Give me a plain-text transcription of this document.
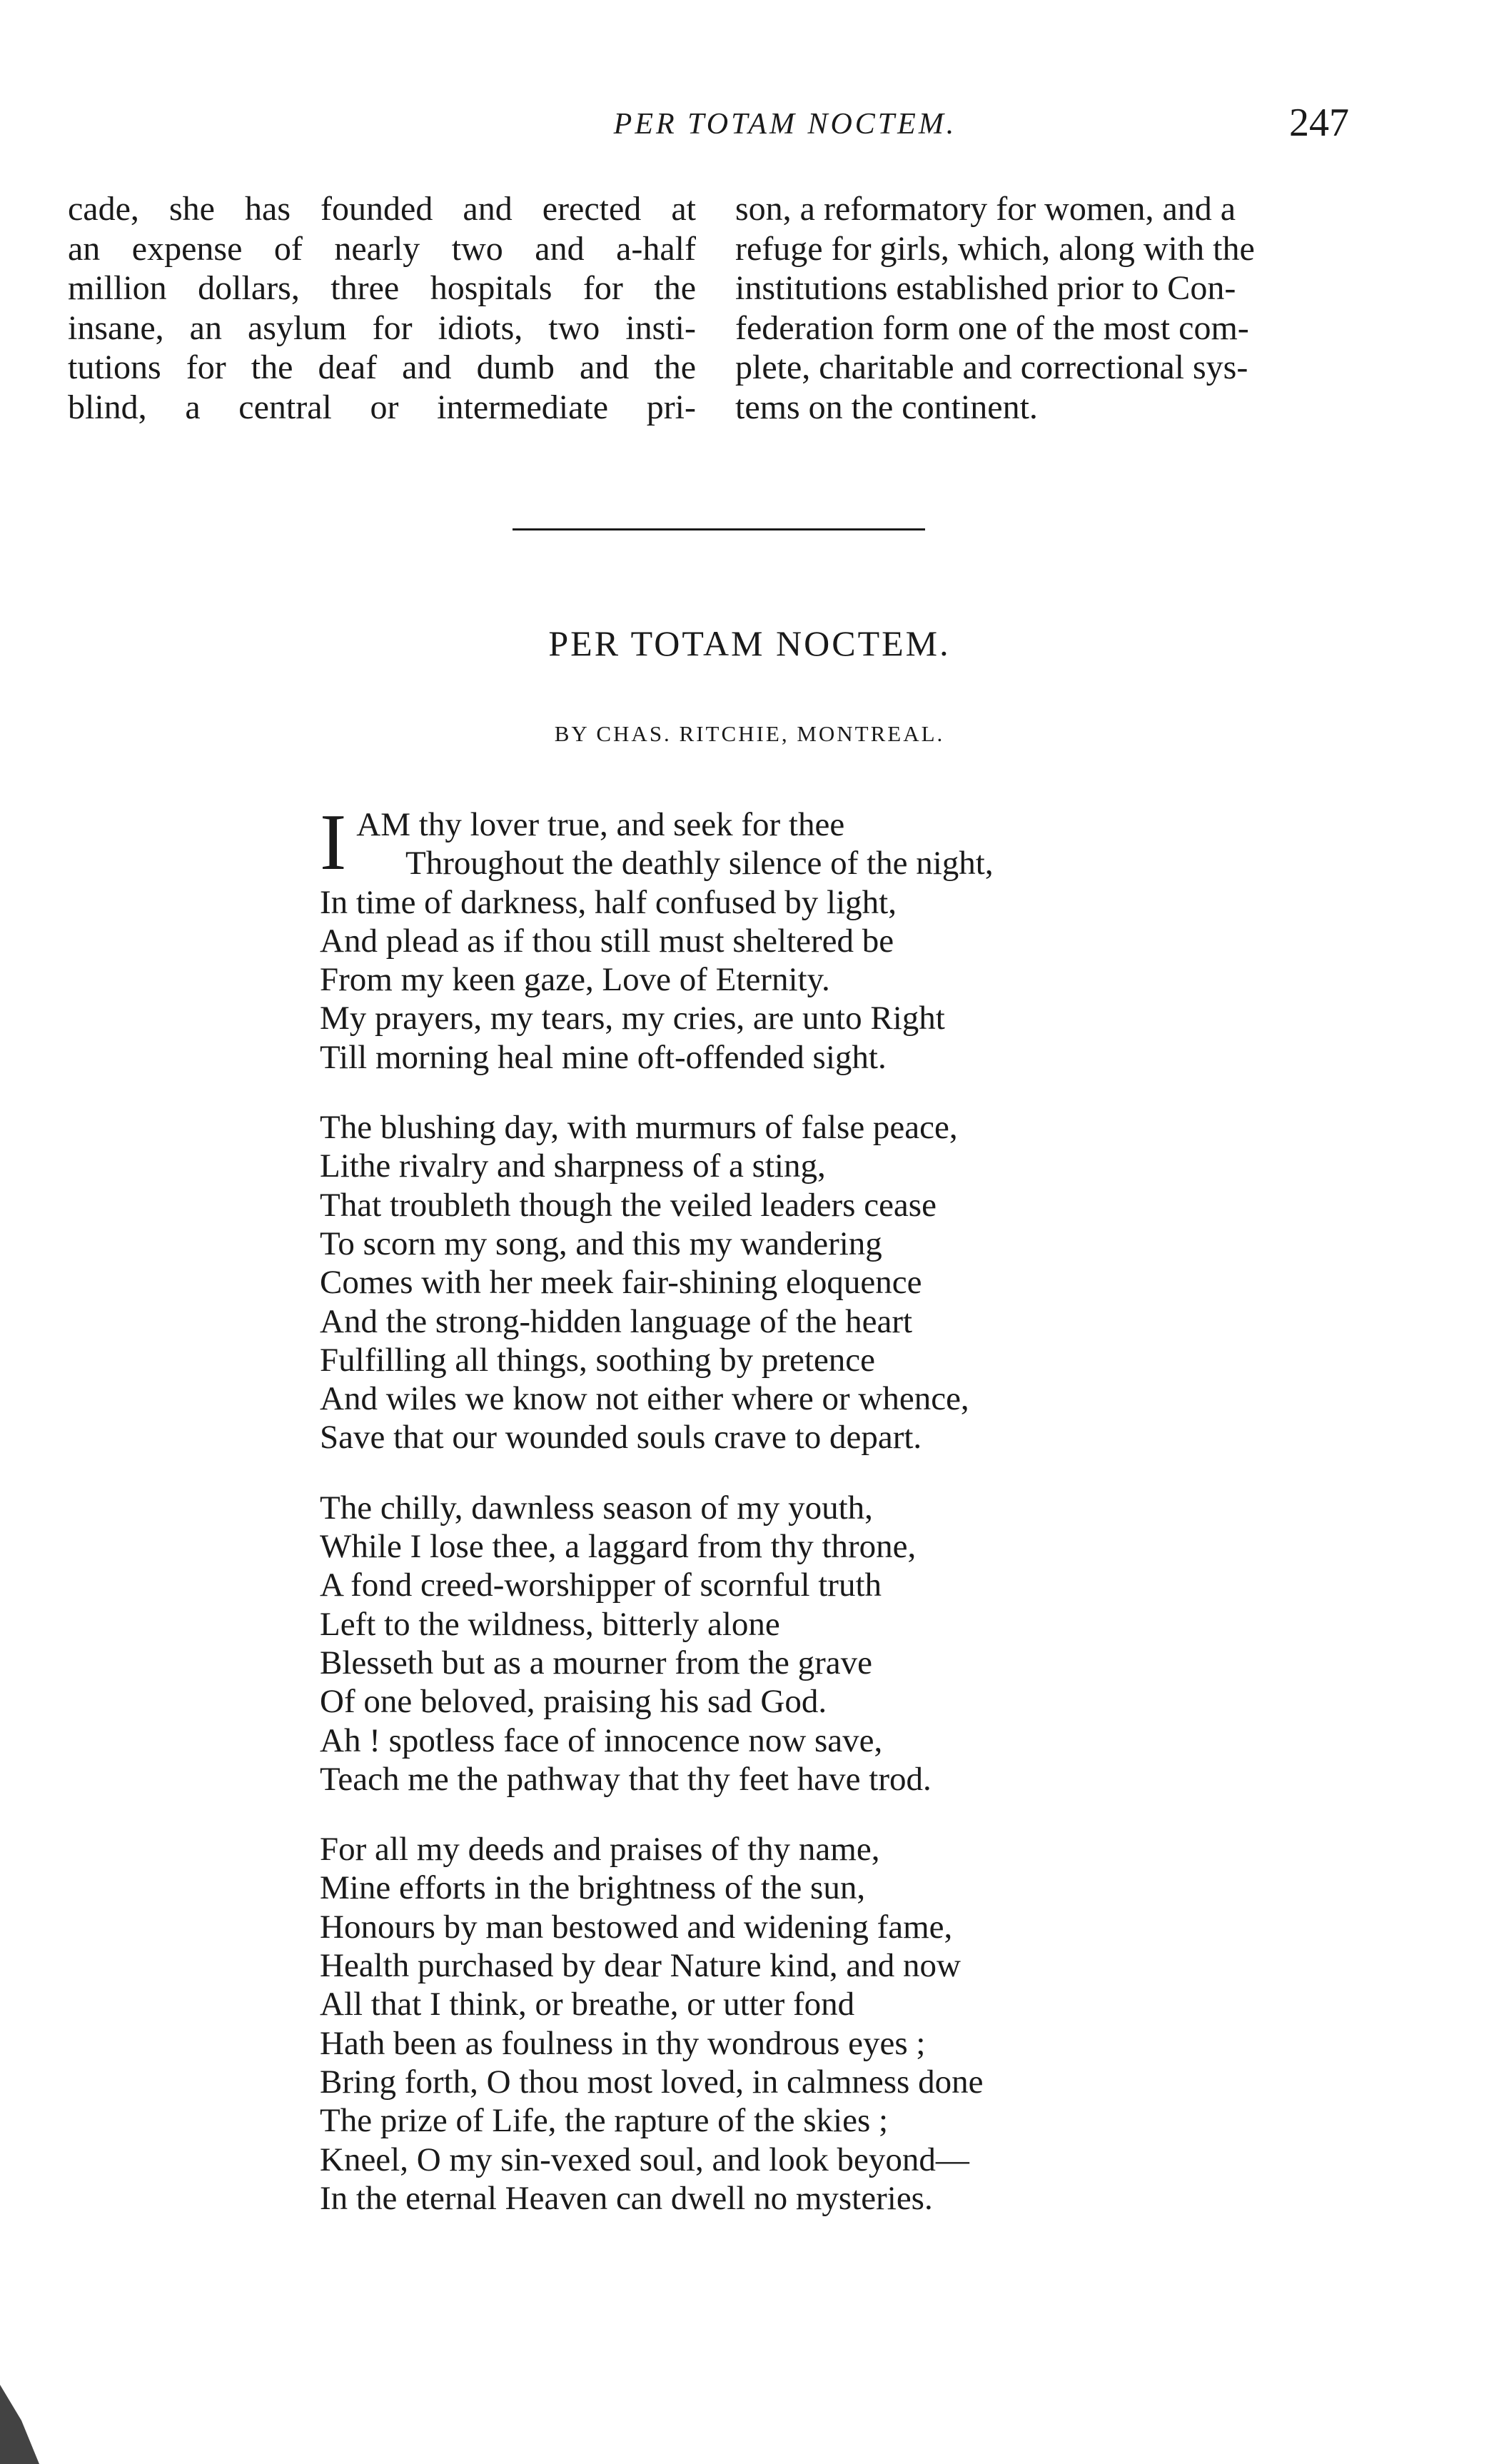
PER TOTAM NOCTEM.	247
cade, she has founded and erected at
an expense of nearly two and a-half
million dollars, three hospitals for the
insane, an asylum for idiots, two insti-
tutions for the deaf and dumb and the
blind, a central or intermediate pri-
son, a reformatory for women, and a
refuge for girls, which, along with the
institutions established prior to Con-
federation form one of the most com-
plete, charitable and correctional sys-
tems on the continent.
PER TOTAM NOCTEM.
BY CHAS. RITCHIE, MONTREAL.
I AM thy lover true, and seek for thee
Throughout the deathly silence of the night,
In time of darkness, half confused by light,
And plead as if thou still must sheltered be
From my keen gaze, Love of Eternity.
My prayers, my tears, my cries, are unto Right
Till morning heal mine oft-offended sight.
The blushing day, with murmurs of false peace,
Lithe rivalry and sharpness of a sting,
That troubleth though the veiled leaders cease
To scorn my song, and this my wandering
Comes with her meek fair-shining eloquence
And the strong-hidden language of the heart
Fulfilling all things, soothing by pretence
And wiles we know not either where or whence,
Save that our wounded souls crave to depart.
The chilly, dawnless season of my youth,
While I lose thee, a laggard from thy throne,
A fond creed-worshipper of scornful truth
Left to the wildness, bitterly alone
Blesseth but as a mourner from the grave
Of one beloved, praising his sad God.
Ah ! spotless face of innocence now save,
Teach me the pathway that thy feet have trod.
For all my deeds and praises of thy name,
Mine efforts in the brightness of the sun,
Honours by man bestowed and widening fame,
Health purchased by dear Nature kind, and now
All that I think, or breathe, or utter fond
Hath been as foulness in thy wondrous eyes ;
Bring forth, O thou most loved, in calmness done
The prize of Life, the rapture of the skies ;
Kneel, O my sin-vexed soul, and look beyond—
In the eternal Heaven can dwell no mysteries.
